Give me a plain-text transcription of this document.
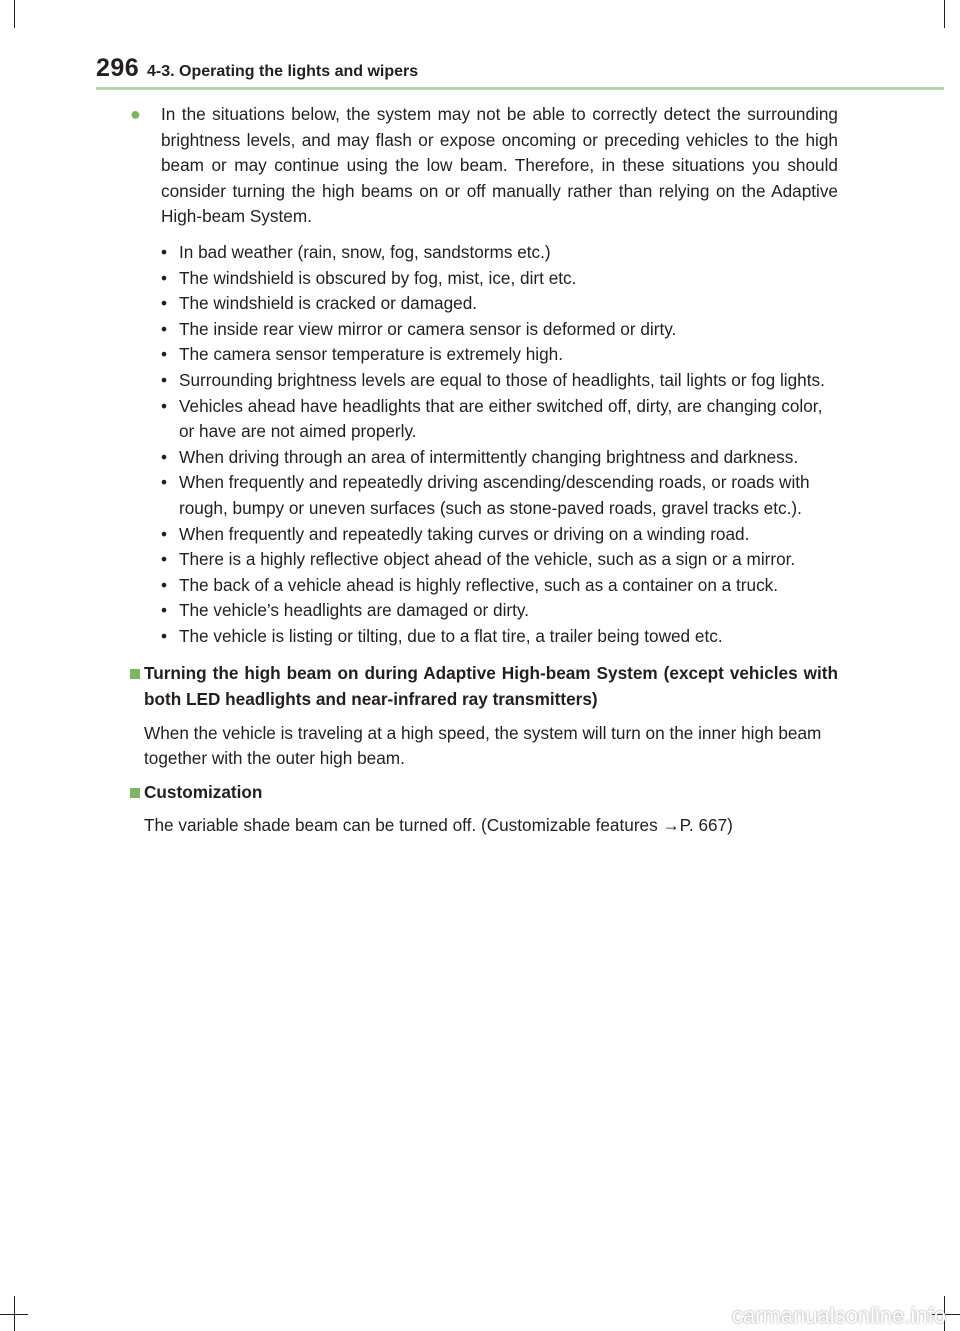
296 4-3. Operating the lights and wipers
● In the situations below, the system may not be able to correctly detect the surrounding brightness levels, and may flash or expose oncoming or preceding vehicles to the high beam or may continue using the low beam. Therefore, in these situations you should consider turning the high beams on or off manually rather than relying on the Adaptive High-beam System.
• In bad weather (rain, snow, fog, sandstorms etc.)
• The windshield is obscured by fog, mist, ice, dirt etc.
• The windshield is cracked or damaged.
• The inside rear view mirror or camera sensor is deformed or dirty.
• The camera sensor temperature is extremely high.
• Surrounding brightness levels are equal to those of headlights, tail lights or fog lights.
• Vehicles ahead have headlights that are either switched off, dirty, are changing color, or have are not aimed properly.
• When driving through an area of intermittently changing brightness and darkness.
• When frequently and repeatedly driving ascending/descending roads, or roads with rough, bumpy or uneven surfaces (such as stone-paved roads, gravel tracks etc.).
• When frequently and repeatedly taking curves or driving on a winding road.
• There is a highly reflective object ahead of the vehicle, such as a sign or a mirror.
• The back of a vehicle ahead is highly reflective, such as a container on a truck.
• The vehicle’s headlights are damaged or dirty.
• The vehicle is listing or tilting, due to a flat tire, a trailer being towed etc.
Turning the high beam on during Adaptive High-beam System (except vehicles with both LED headlights and near-infrared ray transmitters)
When the vehicle is traveling at a high speed, the system will turn on the inner high beam together with the outer high beam.
Customization
The variable shade beam can be turned off. (Customizable features →P. 667)
carmanualsonline.info
